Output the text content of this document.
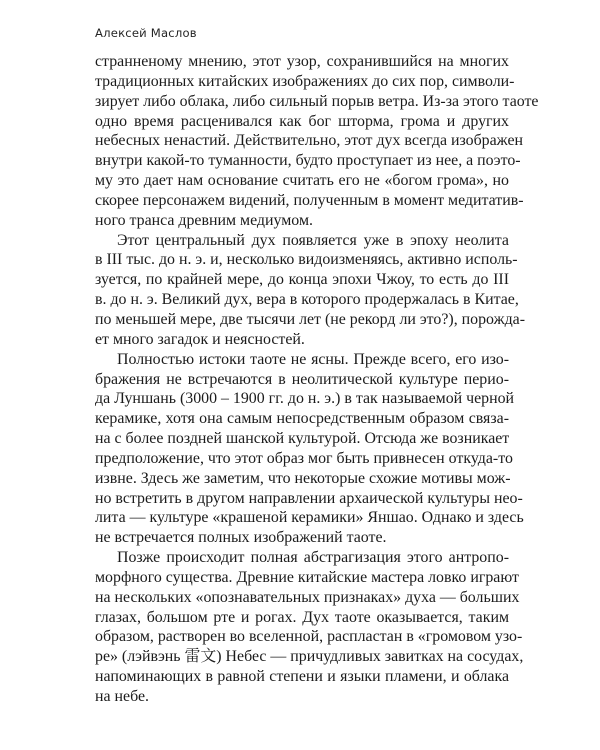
Алексей Маслов
странненому мнению, этот узор, сохранившийся на многих
традиционных китайских изображениях до сих пор, символи-
зирует либо облака, либо сильный порыв ветра. Из-за этого таоте
одно время расценивался как бог шторма, грома и других
небесных ненастий. Действительно, этот дух всегда изображен
внутри какой-то туманности, будто проступает из нее, а поэто-
му это дает нам основание считать его не «богом грома», но
скорее персонажем видений, полученным в момент медитатив-
ного транса древним медиумом.
Этот центральный дух появляется уже в эпоху неолита
в III тыс. до н. э. и, несколько видоизменяясь, активно исполь-
зуется, по крайней мере, до конца эпохи Чжоу, то есть до III
в. до н. э. Великий дух, вера в которого продержалась в Китае,
по меньшей мере, две тысячи лет (не рекорд ли это?), порожда-
ет много загадок и неясностей.
Полностью истоки таоте не ясны. Прежде всего, его изо-
бражения не встречаются в неолитической культуре перио-
да Луншань (3000 – 1900 гг. до н. э.) в так называемой черной
керамике, хотя она самым непосредственным образом связа-
на с более поздней шанской культурой. Отсюда же возникает
предположение, что этот образ мог быть привнесен откуда-то
извне. Здесь же заметим, что некоторые схожие мотивы мож-
но встретить в другом направлении архаической культуры нео-
лита — культуре «крашеной керамики» Яншао. Однако и здесь
не встречается полных изображений таоте.
Позже происходит полная абстрагизация этого антропо-
морфного существа. Древние китайские мастера ловко играют
на нескольких «опознавательных признаках» духа — больших
глазах, большом рте и рогах. Дух таоте оказывается, таким
образом, растворен во вселенной, распластан в «громовом узо-
ре» (лэйвэнь 雷文) Небес — причудливых завитках на сосудах,
напоминающих в равной степени и языки пламени, и облака
на небе.
